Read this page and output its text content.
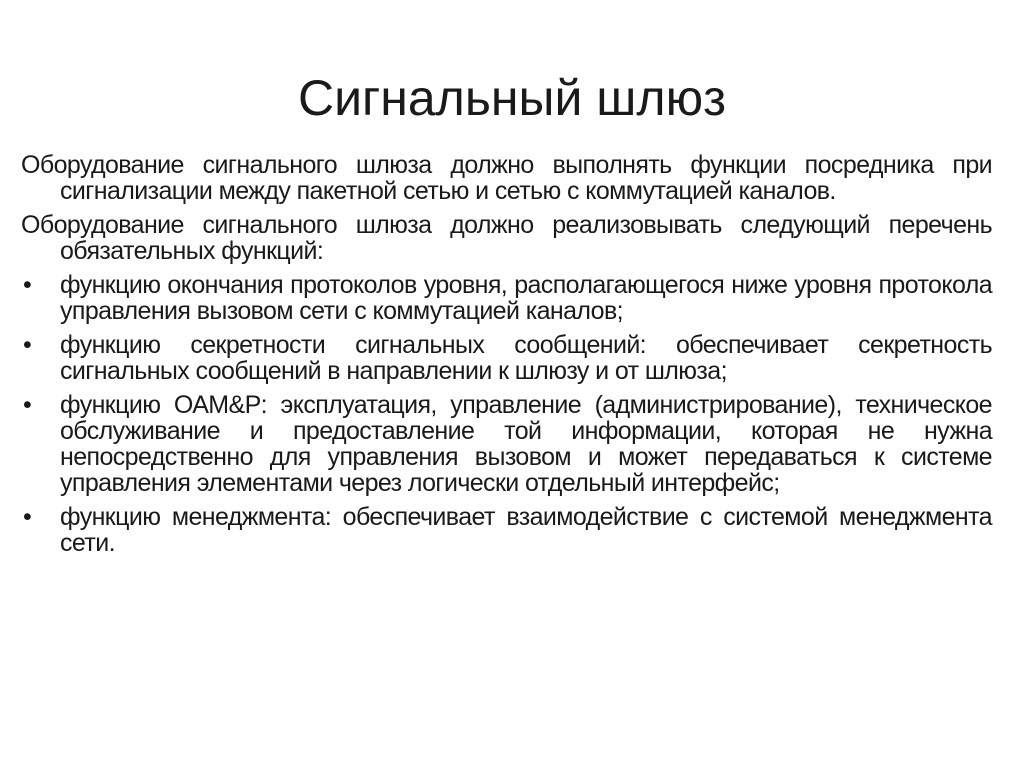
Сигнальный шлюз

Оборудование сигнального шлюза должно выполнять функции посредника при сигнализации между пакетной сетью и сетью с коммутацией каналов.

Оборудование сигнального шлюза должно реализовывать следующий перечень обязательных функций:

• функцию окончания протоколов уровня, располагающегося ниже уровня протокола управления вызовом сети с коммутацией каналов;
• функцию секретности сигнальных сообщений: обеспечивает секретность сигнальных сообщений в направлении к шлюзу и от шлюза;
• функцию ОАМ&P: эксплуатация, управление (администрирование), техническое обслуживание и предоставление той информации, которая не нужна непосредственно для управления вызовом и может передаваться к системе управления элементами через логически отдельный интерфейс;
• функцию менеджмента: обеспечивает взаимодействие с системой менеджмента сети.
